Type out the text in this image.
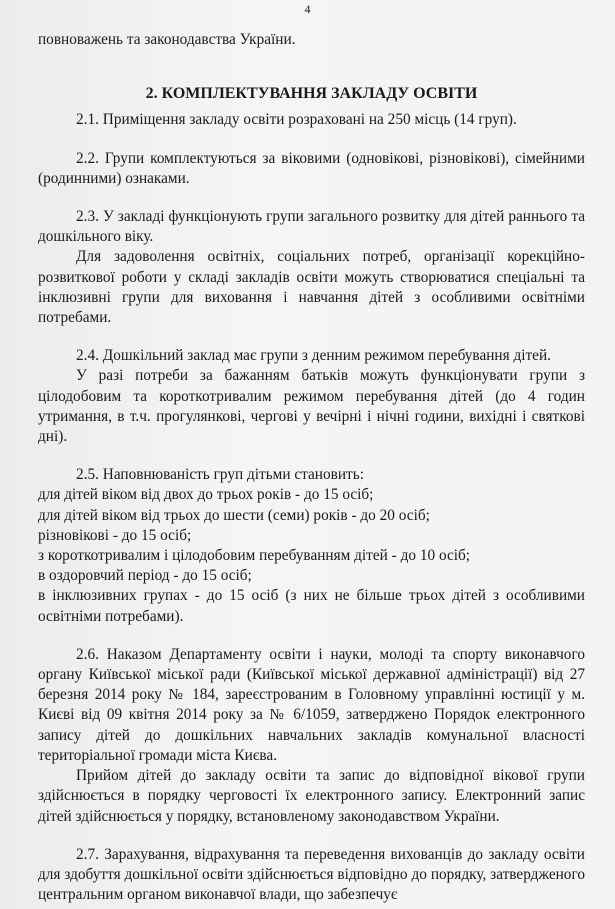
4

повноважень та законодавства України.

2. КОМПЛЕКТУВАННЯ ЗАКЛАДУ ОСВІТИ

2.1. Приміщення закладу освіти розраховані на 250 місць (14 груп).

2.2. Групи комплектуються за віковими (одновікові, різновікові), сімейними (родинними) ознаками.

2.3. У закладі функціонують групи загального розвитку для дітей раннього та дошкільного віку.

Для задоволення освітніх, соціальних потреб, організації корекційно-розвиткової роботи у складі закладів освіти можуть створюватися спеціальні та інклюзивні групи для виховання і навчання дітей з особливими освітніми потребами.

2.4. Дошкільний заклад має групи з денним режимом перебування дітей.

У разі потреби за бажанням батьків можуть функціонувати групи з цілодобовим та короткотривалим режимом перебування дітей (до 4 годин утримання, в т.ч. прогулянкові, чергові у вечірні і нічні години, вихідні і святкові дні).

2.5. Наповнюваність груп дітьми становить:

для дітей віком від двох до трьох років - до 15 осіб;

для дітей віком від трьох до шести (семи) років - до 20 осіб;

різновікові - до 15 осіб;

з короткотривалим і цілодобовим перебуванням дітей - до 10 осіб;

в оздоровчий період - до 15 осіб;

в інклюзивних групах - до 15 осіб (з них не більше трьох дітей з особливими освітніми потребами).

2.6. Наказом Департаменту освіти і науки, молоді та спорту виконавчого органу Київської міської ради (Київської міської державної адміністрації) від 27 березня 2014 року № 184, зареєстрованим в Головному управлінні юстиції у м. Києві від 09 квітня 2014 року за № 6/1059, затверджено Порядок електронного запису дітей до дошкільних навчальних закладів комунальної власності територіальної громади міста Києва.

Прийом дітей до закладу освіти та запис до відповідної вікової групи здійснюється в порядку черговості їх електронного запису. Електронний запис дітей здійснюється у порядку, встановленому законодавством України.

2.7. Зарахування, відрахування та переведення вихованців до закладу освіти для здобуття дошкільної освіти здійснюється відповідно до порядку, затвердженого центральним органом виконавчої влади, що забезпечує
